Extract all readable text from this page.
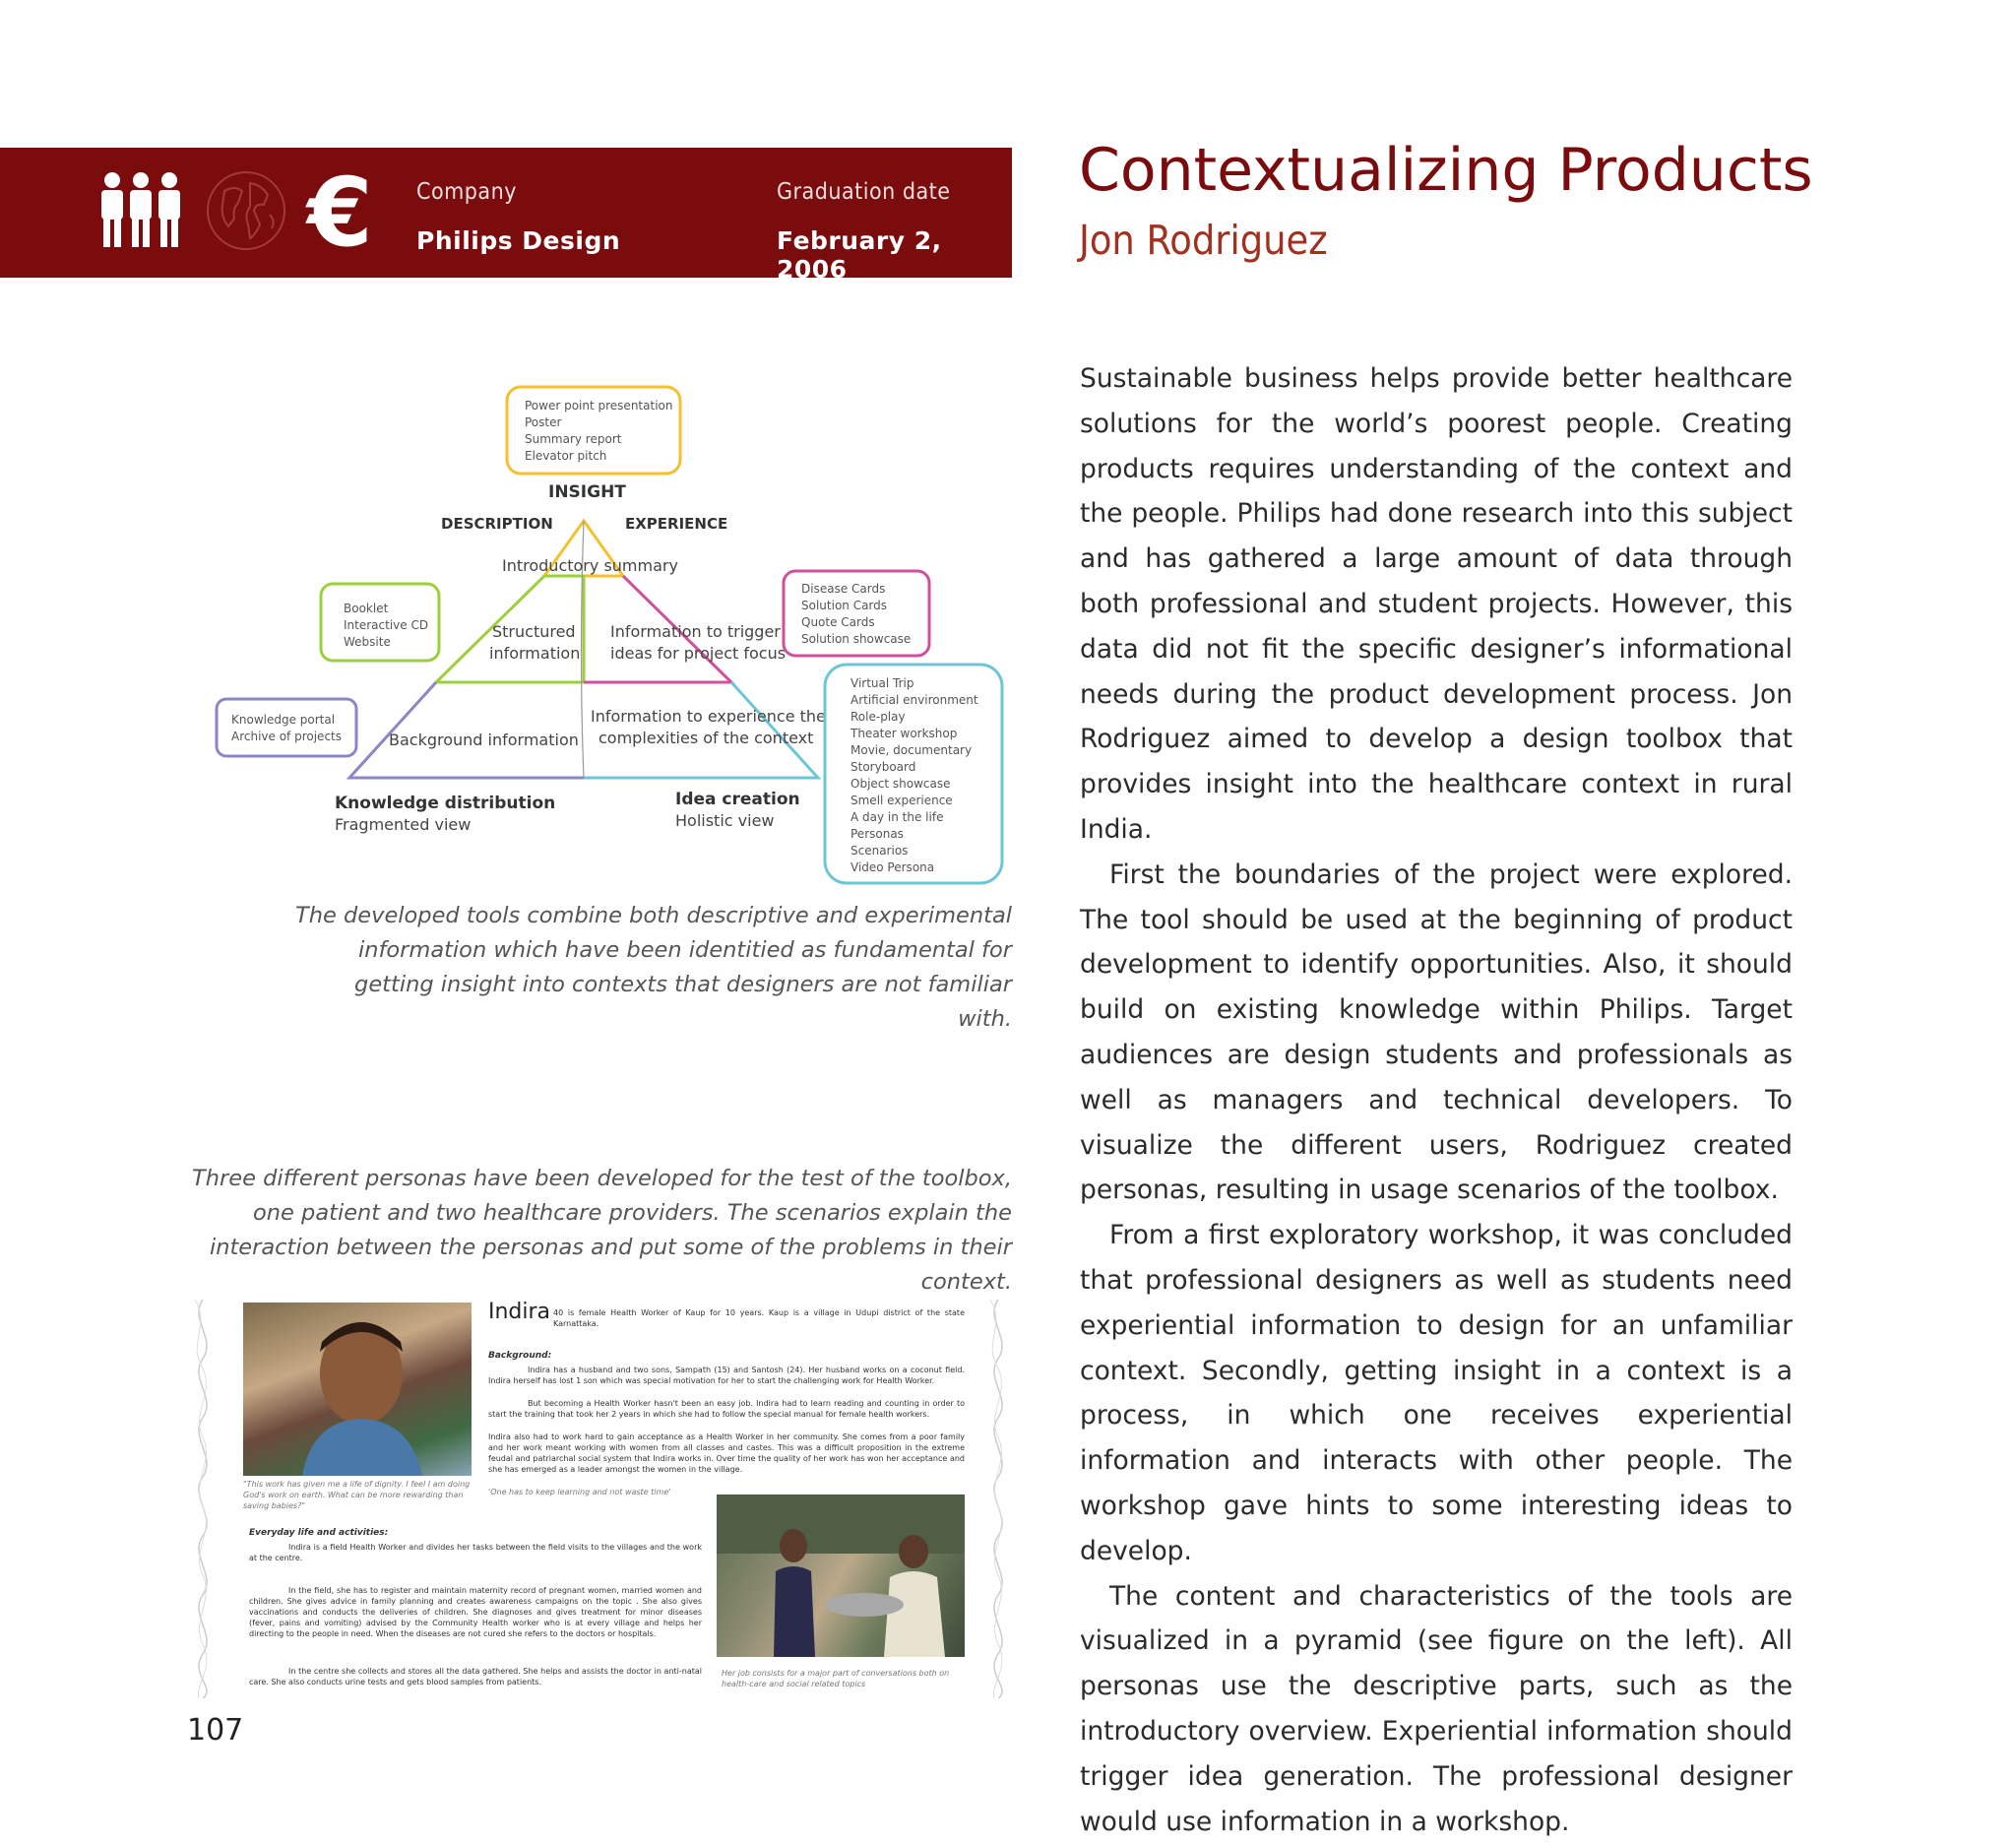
€ Company
Philips Design
Graduation date
February 2, 2006
Contextualizing Products
Jon Rodriguez

Sustainable business helps provide better healthcare solutions for the world’s poorest people. Creating products requires understanding of the context and the people. Philips had done research into this subject and has gathered a large amount of data through both professional and student projects. However, this data did not fit the specific designer’s informational needs during the product development process. Jon Rodriguez aimed to develop a design toolbox that provides insight into the healthcare context in rural India.

First the boundaries of the project were explored. The tool should be used at the beginning of product development to identify opportunities. Also, it should build on existing knowledge within Philips. Target audiences are design students and professionals as well as managers and technical developers. To visualize the different users, Rodriguez created personas, resulting in usage scenarios of the toolbox.

From a first exploratory workshop, it was concluded that professional designers as well as students need experiential information to design for an unfamiliar context. Secondly, getting insight in a context is a process, in which one receives experiential information and interacts with other people. The workshop gave hints to some interesting ideas to develop.

The content and characteristics of the tools are visualized in a pyramid (see figure on the left). All personas use the descriptive parts, such as the introductory overview. Experiential information should trigger idea generation. The professional designer would use information in a workshop.

Power point presentation
Poster
Summary report
Elevator pitch
INSIGHT
DESCRIPTION	EXPERIENCE
Introductory summary
Structured
information
Information to trigger
ideas for project focus
Background information
Information to experience the
complexities of the context
Booklet
Interactive CD
Website
Knowledge portal
Archive of projects
Disease Cards
Solution Cards
Quote Cards
Solution showcase
Virtual Trip
Artificial environment
Role-play
Theater workshop
Movie, documentary
Storyboard
Object showcase
Smell experience
A day in the life
Personas
Scenarios
Video Persona
Knowledge distribution
Fragmented view
Idea creation
Holistic view
The developed tools combine both descriptive and experimental information which have been identitied as fundamental for getting insight into contexts that designers are not familiar with.
Three different personas have been developed for the test of the toolbox, one patient and two healthcare providers. The scenarios explain the interaction between the personas and put some of the problems in their context.
Indira 40 is female Health Worker of Kaup for 10 years. Kaup is a village in Udupi district of the state Karnattaka.
Background:
Indira has a husband and two sons, Sampath (15) and Santosh (24). Her husband works on a coconut field. Indira herself has lost 1 son which was special motivation for her to start the challenging work for Health Worker.
But becoming a Health Worker hasn't been an easy job. Indira had to learn reading and counting in order to start the training that took her 2 years in which she had to follow the special manual for female health workers.
Indira also had to work hard to gain acceptance as a Health Worker in her community. She comes from a poor family and her work meant working with women from all classes and castes. This was a difficult proposition in the extreme feudal and patriarchal social system that Indira works in. Over time the quality of her work has won her acceptance and she has emerged as a leader amongst the women in the village.
'One has to keep learning and not waste time'
"This work has given me a life of dignity. I feel I am doing God's work on earth. What can be more rewarding than saving babies?"
Everyday life and activities:
Indira is a field Health Worker and divides her tasks between the field visits to the villages and the work at the centre.
In the field, she has to register and maintain maternity record of pregnant women, married women and children. She gives advice in family planning and creates awareness campaigns on the topic . She also gives vaccinations and conducts the deliveries of children. She diagnoses and gives treatment for minor diseases (fever, pains and vomiting) advised by the Community Health worker who is at every village and helps her directing to the people in need. When the diseases are not cured she refers to the doctors or hospitals.
In the centre she collects and stores all the data gathered. She helps and assists the doctor in anti-natal care. She also conducts urine tests and gets blood samples from patients.
Her job consists for a major part of conversations both on health-care and social related topics
107
